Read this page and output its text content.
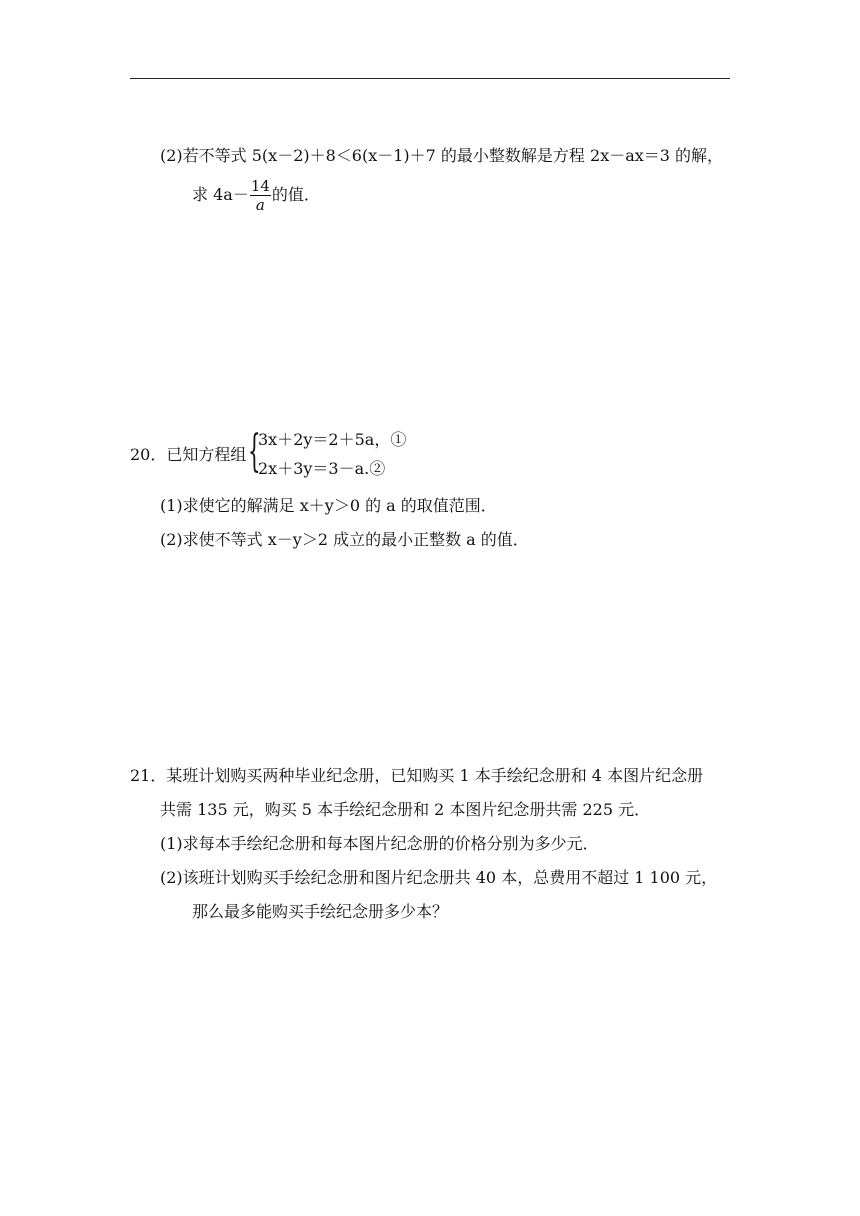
(2)若不等式 5(x－2)＋8＜6(x－1)＋7 的最小整数解是方程 2x－ax＝3 的解，
求 $4a- \frac{14}{a}$ 的值．
20．已知方程组 {
3x＋2y＝2＋5a，①
2x＋3y＝3－a.②
(1)求使它的解满足 x＋y＞0 的 a 的取值范围．
(2)求使不等式 x－y＞2 成立的最小正整数 a 的值．
21．某班计划购买两种毕业纪念册，已知购买 1 本手绘纪念册和 4 本图片纪念册
共需 135 元，购买 5 本手绘纪念册和 2 本图片纪念册共需 225 元．
(1)求每本手绘纪念册和每本图片纪念册的价格分别为多少元．
(2)该班计划购买手绘纪念册和图片纪念册共 40 本，总费用不超过 1 100 元，
那么最多能购买手绘纪念册多少本？
